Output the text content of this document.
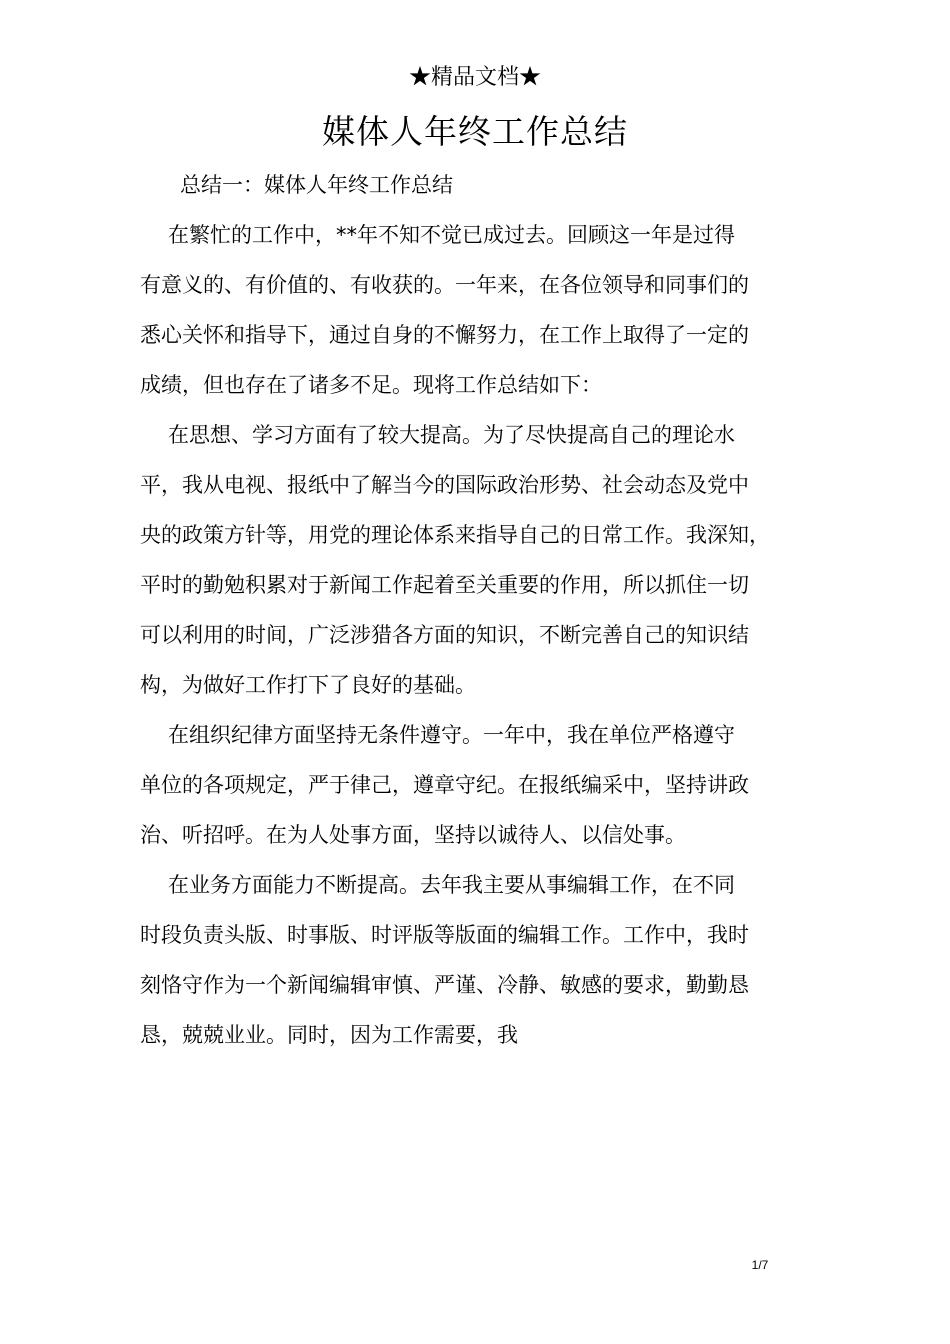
★精品文档★
媒体人年终工作总结
总结一：媒体人年终工作总结
在繁忙的工作中，**年不知不觉已成过去。回顾这一年是过得
有意义的、有价值的、有收获的。一年来，在各位领导和同事们的
悉心关怀和指导下，通过自身的不懈努力，在工作上取得了一定的
成绩，但也存在了诸多不足。现将工作总结如下：
在思想、学习方面有了较大提高。为了尽快提高自己的理论水
平，我从电视、报纸中了解当今的国际政治形势、社会动态及党中
央的政策方针等，用党的理论体系来指导自己的日常工作。我深知，
平时的勤勉积累对于新闻工作起着至关重要的作用，所以抓住一切
可以利用的时间，广泛涉猎各方面的知识，不断完善自己的知识结
构，为做好工作打下了良好的基础。
在组织纪律方面坚持无条件遵守。一年中，我在单位严格遵守
单位的各项规定，严于律己，遵章守纪。在报纸编采中，坚持讲政
治、听招呼。在为人处事方面，坚持以诚待人、以信处事。
在业务方面能力不断提高。去年我主要从事编辑工作，在不同
时段负责头版、时事版、时评版等版面的编辑工作。工作中，我时
刻恪守作为一个新闻编辑审慎、严谨、冷静、敏感的要求，勤勤恳
恳，兢兢业业。同时，因为工作需要，我
1/7
